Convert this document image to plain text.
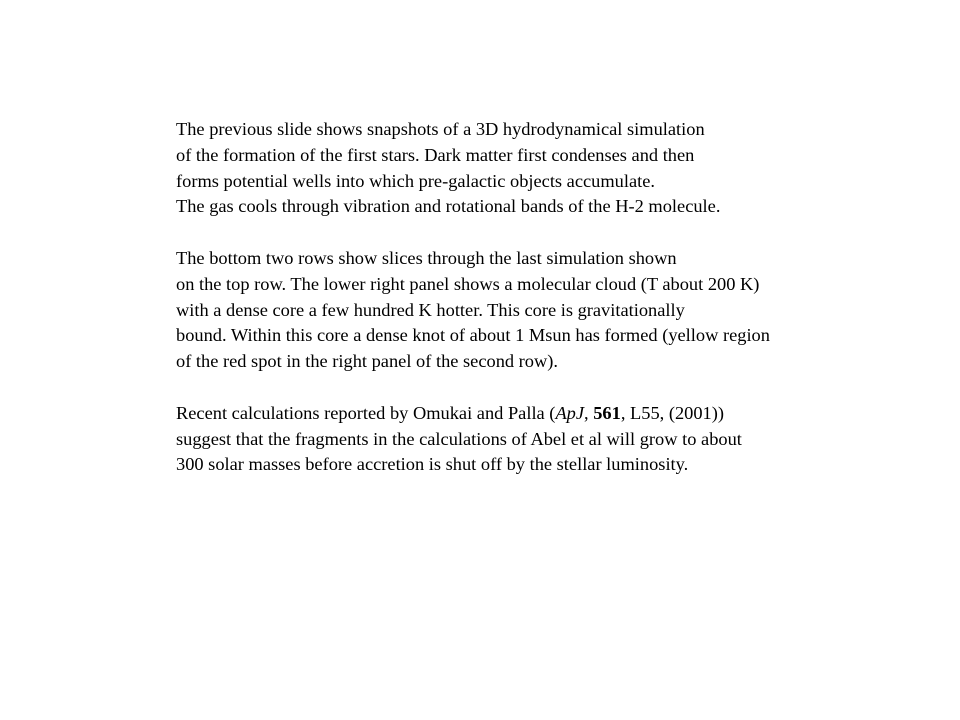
The previous slide shows snapshots of a 3D hydrodynamical simulation
of the formation of the first stars. Dark matter first condenses and then
forms potential wells into which pre-galactic objects accumulate.
The gas cools through vibration and rotational bands of the H-2 molecule.

The bottom two rows show slices through the last simulation shown
on the top row. The lower right panel shows a molecular cloud (T about 200 K)
with a dense core a few hundred K hotter. This core is gravitationally
bound. Within this core a dense knot of about 1 Msun has formed (yellow region
of the red spot in the right panel of the second row).

Recent calculations reported by Omukai and Palla (ApJ, 561, L55, (2001))
suggest that the fragments in the calculations of Abel et al will grow to about
300 solar masses before accretion is shut off by the stellar luminosity.
